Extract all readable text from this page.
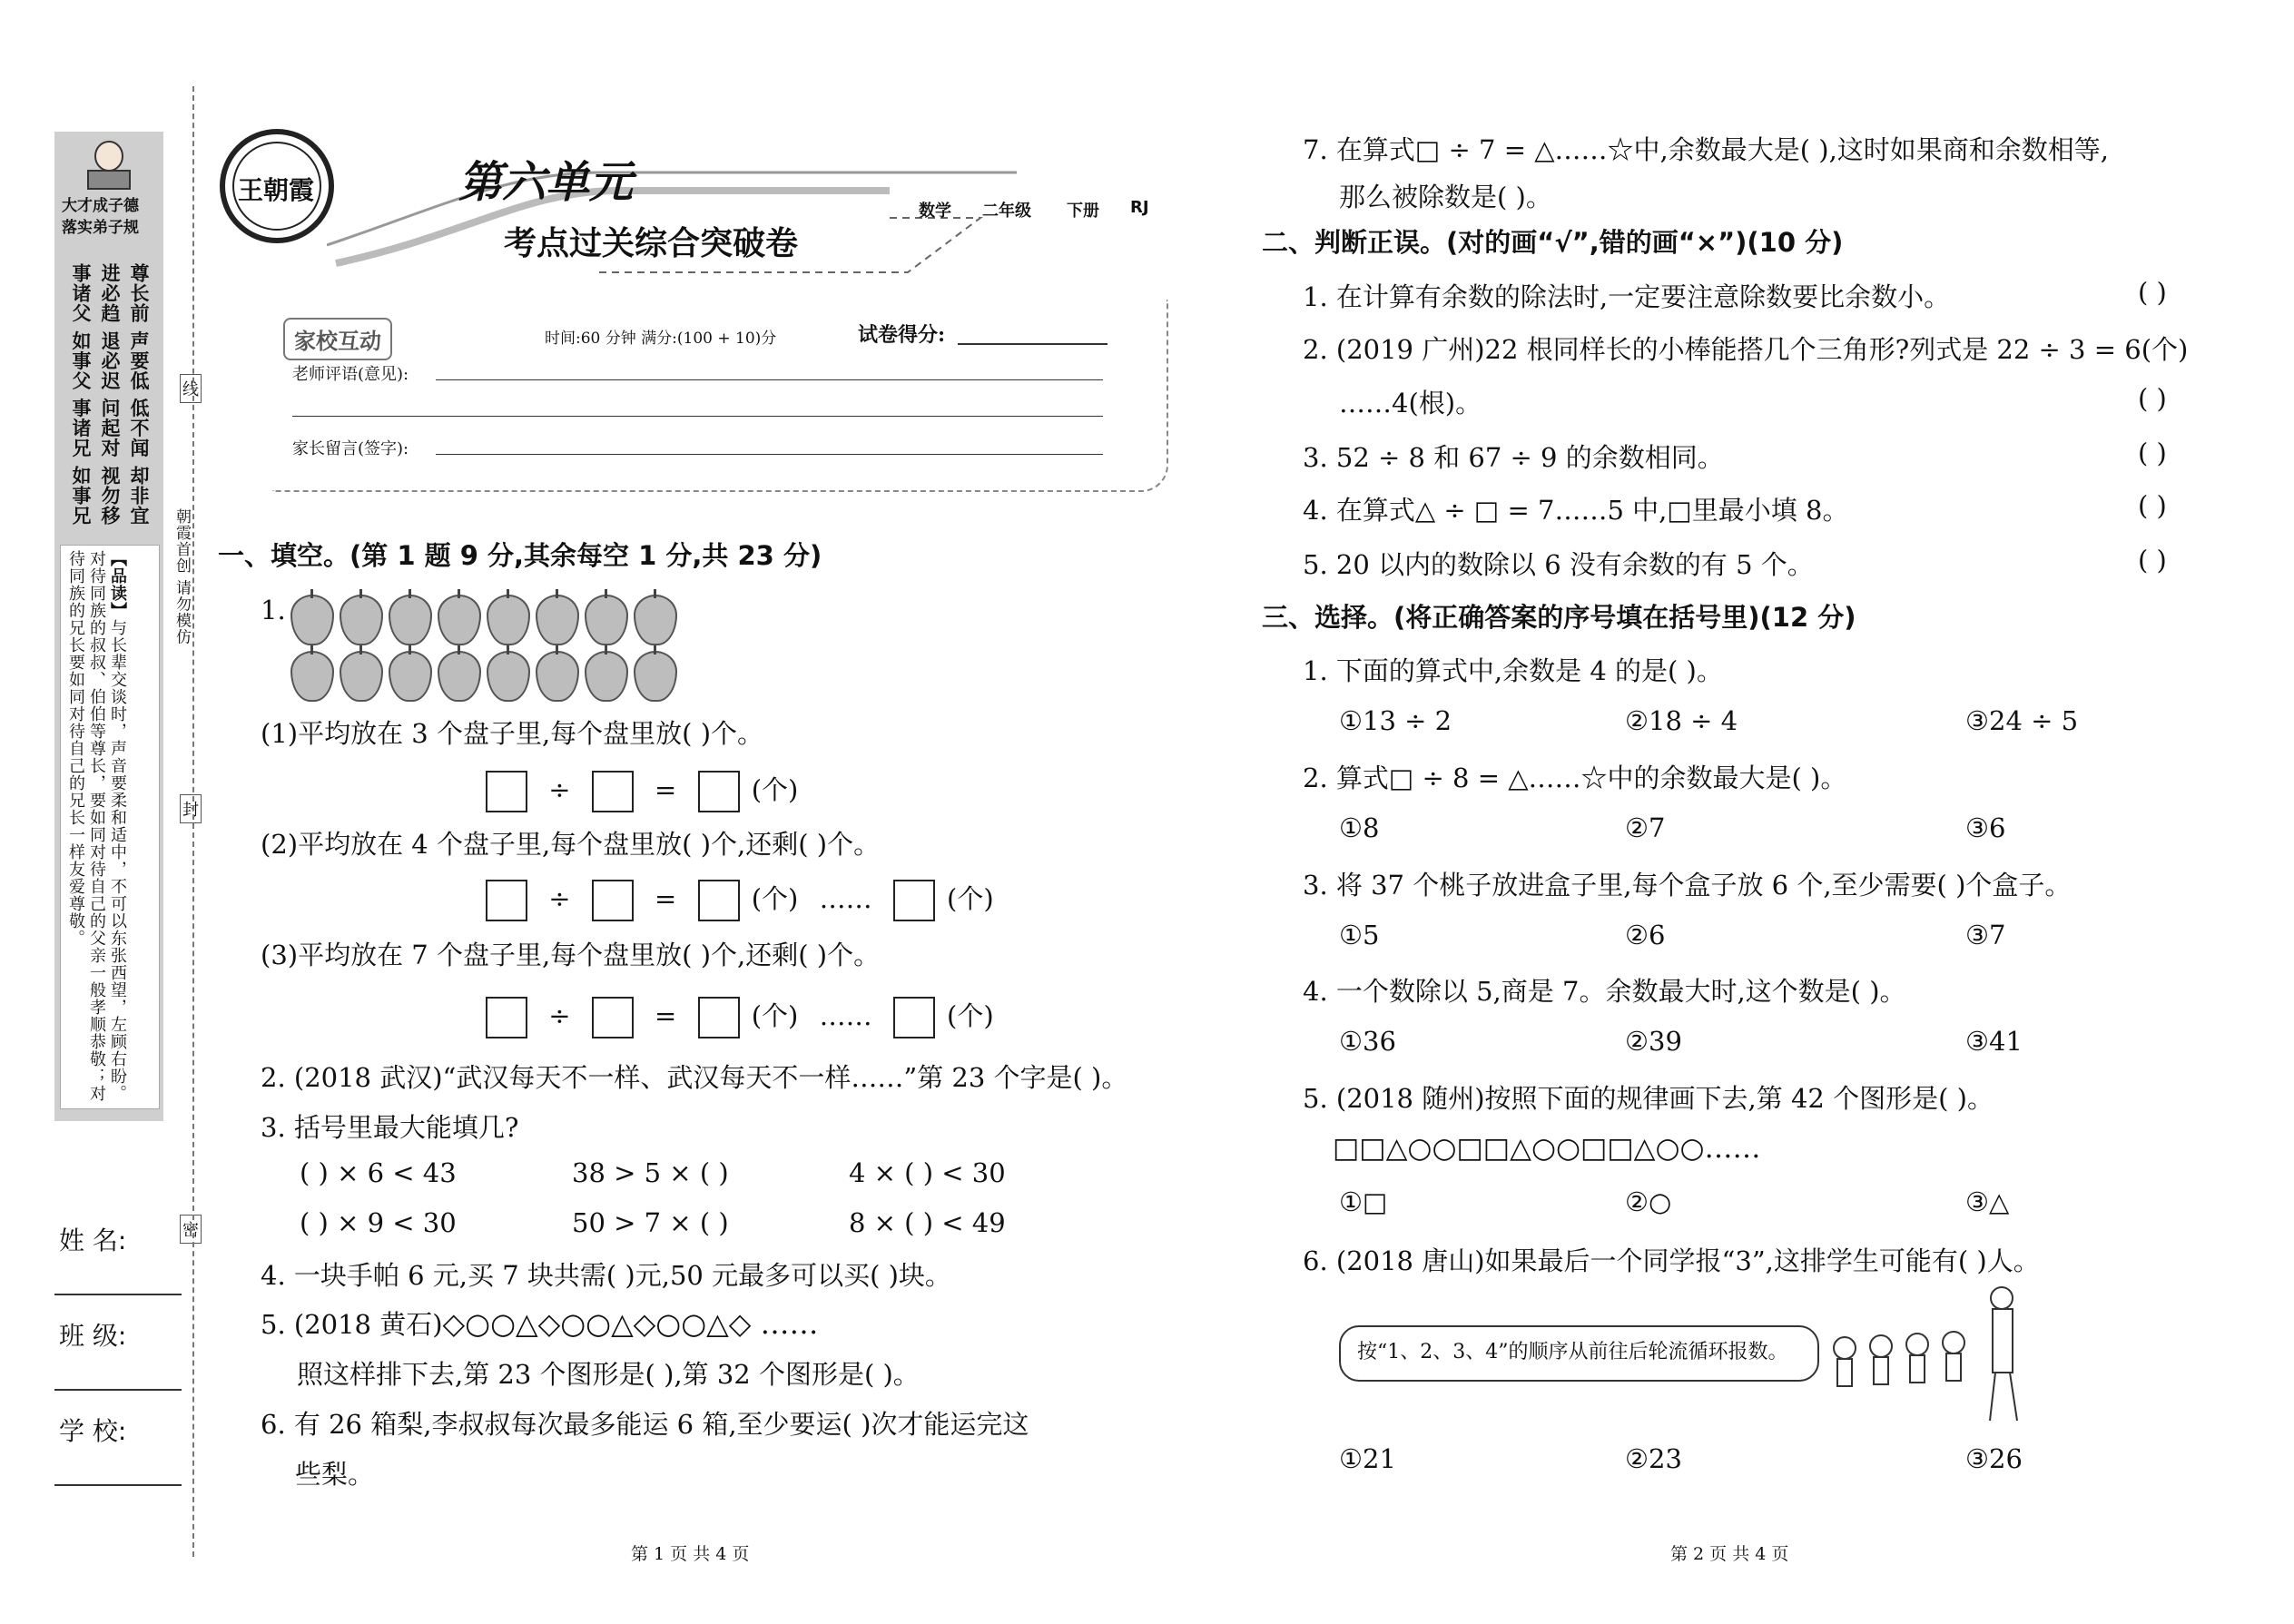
大才成子德
落实弟子规
尊长前 声要低 低不闻 却非宜
进必趋 退必迟 问起对 视勿移
事诸父 如事父 事诸兄 如事兄
【品读】与长辈交谈时，声音要柔和适中，不可以东张西望，左顾右盼。对待同族的叔叔、伯伯等尊长，要如同对待自己的父亲一般孝顺恭敬；对待同族的兄长要如同对待自己的兄长一样友爱尊敬。	朝霞首创 请勿模仿
线
封
密
姓 名:
班 级:
学 校:
王朝霞	第六单元
考点过关综合突破卷
数学 二年级 下册 RJ
家校互动	时间:60 分钟 满分:(100 + 10)分	试卷得分:
老师评语(意见):
家长留言(签字):
一、填空。(第 1 题 9 分,其余每空 1 分,共 23 分)
1.
(1)平均放在 3 个盘子里,每个盘里放( )个。
÷	=	(个)
(2)平均放在 4 个盘子里,每个盘里放( )个,还剩( )个。
÷	=	(个) ……	(个)
(3)平均放在 7 个盘子里,每个盘里放( )个,还剩( )个。
÷	=	(个) ……	(个)
2. (2018 武汉)“武汉每天不一样、武汉每天不一样……”第 23 个字是( )。
3. 括号里最大能填几?
( ) × 6 < 43	38 > 5 × ( )	4 × ( ) < 30
( ) × 9 < 30	50 > 7 × ( )	8 × ( ) < 49
4. 一块手帕 6 元,买 7 块共需( )元,50 元最多可以买( )块。
5. (2018 黄石)◇○○△◇○○△◇○○△◇ ……
照这样排下去,第 23 个图形是( ),第 32 个图形是( )。
6. 有 26 箱梨,李叔叔每次最多能运 6 箱,至少要运( )次才能运完这
些梨。
7. 在算式□ ÷ 7 = △……☆中,余数最大是( ),这时如果商和余数相等,
那么被除数是( )。
二、判断正误。(对的画“√”,错的画“×”)(10 分)
1. 在计算有余数的除法时,一定要注意除数要比余数小。	( )
2. (2019 广州)22 根同样长的小棒能搭几个三角形?列式是 22 ÷ 3 = 6(个)
……4(根)。	( )
3. 52 ÷ 8 和 67 ÷ 9 的余数相同。	( )
4. 在算式△ ÷ □ = 7……5 中,□里最小填 8。	( )
5. 20 以内的数除以 6 没有余数的有 5 个。	( )
三、选择。(将正确答案的序号填在括号里)(12 分)
1. 下面的算式中,余数是 4 的是( )。
①13 ÷ 2	②18 ÷ 4	③24 ÷ 5
2. 算式□ ÷ 8 = △……☆中的余数最大是( )。
①8	②7	③6
3. 将 37 个桃子放进盒子里,每个盒子放 6 个,至少需要( )个盒子。
①5	②6	③7
4. 一个数除以 5,商是 7。余数最大时,这个数是( )。
①36	②39	③41
5. (2018 随州)按照下面的规律画下去,第 42 个图形是( )。
□□△○○□□△○○□□△○○……
①□	②○	③△
6. (2018 唐山)如果最后一个同学报“3”,这排学生可能有( )人。
按“1、2、3、4”的顺序从前往后轮流循环报数。
①21	②23	③26
第 1 页 共 4 页	第 2 页 共 4 页
